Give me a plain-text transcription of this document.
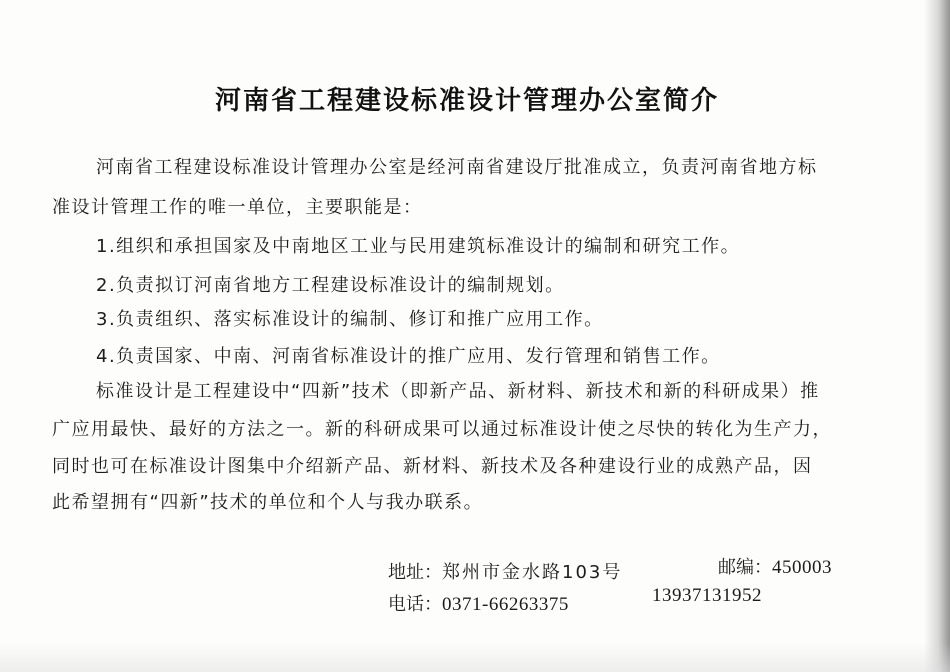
河南省工程建设标准设计管理办公室简介
河南省工程建设标准设计管理办公室是经河南省建设厅批准成立，负责河南省地方标
准设计管理工作的唯一单位，主要职能是：
1.组织和承担国家及中南地区工业与民用建筑标准设计的编制和研究工作。
2.负责拟订河南省地方工程建设标准设计的编制规划。
3.负责组织、落实标准设计的编制、修订和推广应用工作。
4.负责国家、中南、河南省标准设计的推广应用、发行管理和销售工作。
标准设计是工程建设中“四新”技术（即新产品、新材料、新技术和新的科研成果）推
广应用最快、最好的方法之一。新的科研成果可以通过标准设计使之尽快的转化为生产力，
同时也可在标准设计图集中介绍新产品、新材料、新技术及各种建设行业的成熟产品，因
此希望拥有“四新”技术的单位和个人与我办联系。
地址：郑州市金水路103号	邮编：450003
电话：0371-66263375	13937131952
